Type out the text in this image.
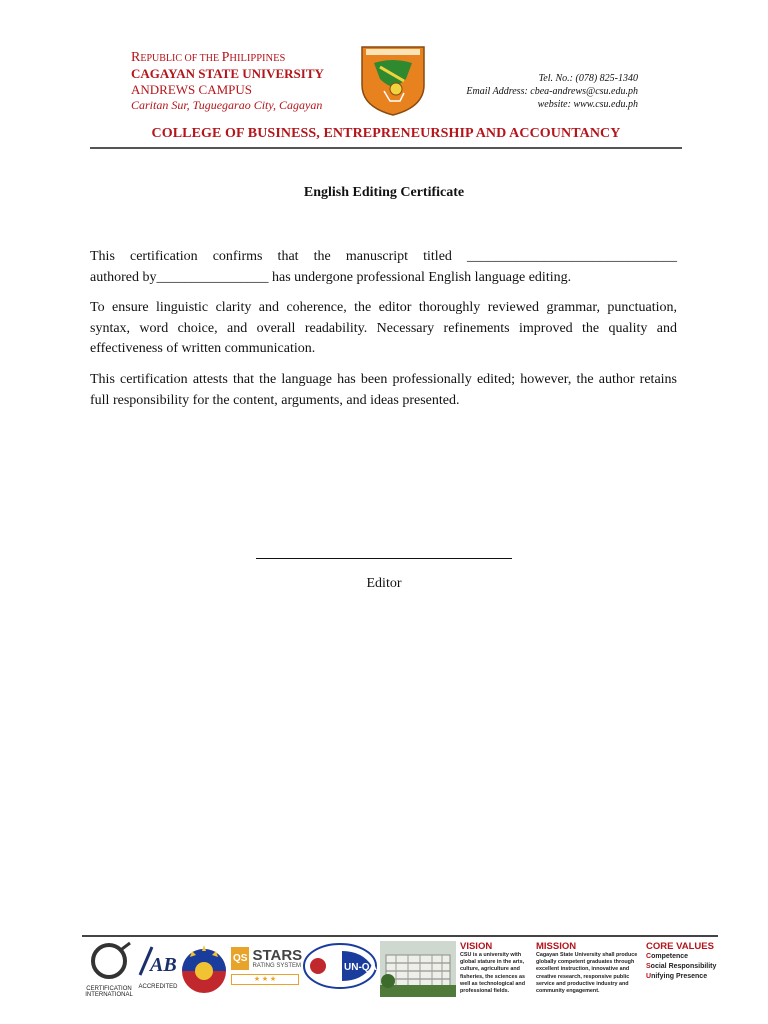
REPUBLIC OF THE PHILIPPINES
CAGAYAN STATE UNIVERSITY
ANDREWS CAMPUS
Caritan Sur, Tuguegarao City, Cagayan
Tel. No.: (078) 825-1340
Email Address: cbea-andrews@csu.edu.ph
website: www.csu.edu.ph
COLLEGE OF BUSINESS, ENTREPRENEURSHIP AND ACCOUNTANCY
English Editing Certificate
This certification confirms that the manuscript titled ______________________________
authored by________________ has undergone professional English language editing.
To ensure linguistic clarity and coherence, the editor thoroughly reviewed grammar, punctuation, syntax, word choice, and overall readability. Necessary refinements improved the quality and effectiveness of written communication.
This certification attests that the language has been professionally edited; however, the author retains full responsibility for the content, arguments, and ideas presented.
Editor
CERTIFICATION
INTERNATIONAL
AB
ACCREDITED
QS STARS
RATING SYSTEM
★ ★ ★
UN-QA
VISION
CSU is a university with global stature in the arts, culture, agriculture and fisheries, the sciences as well as technological and professional fields.
MISSION
Cagayan State University shall produce globally competent graduates through excellent instruction, innovative and creative research, responsive public service and productive industry and community engagement.
CORE VALUES
Competence
Social Responsibility
Unifying Presence
